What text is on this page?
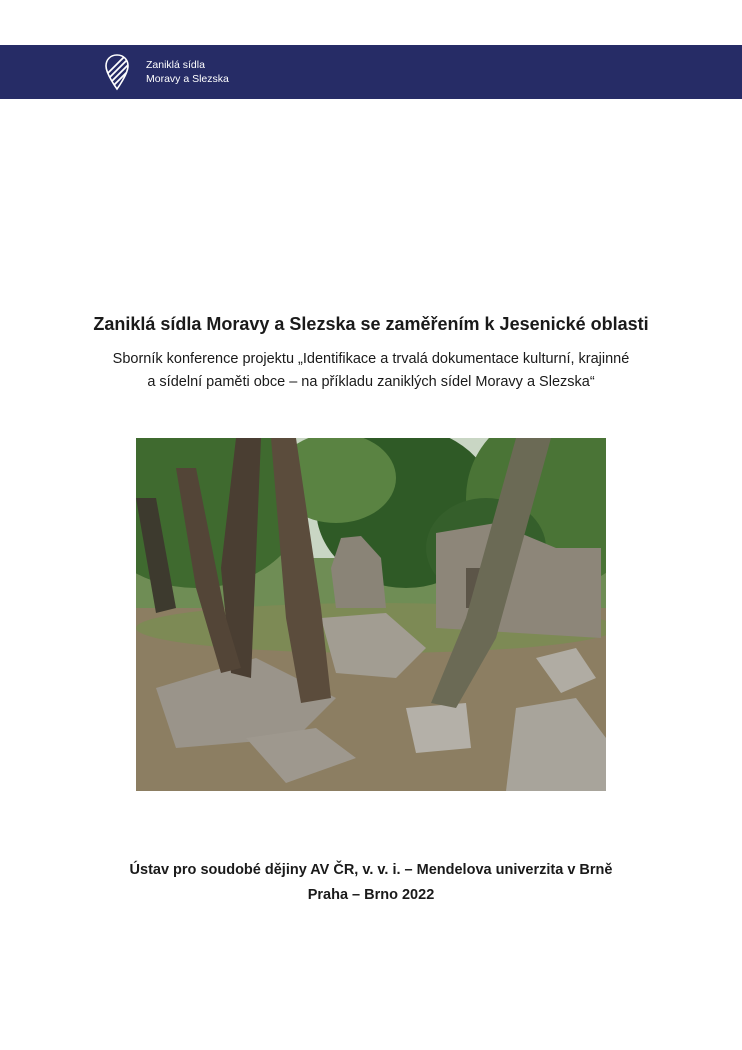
Zaniklá sídla
Moravy a Slezska
Zaniklá sídla Moravy a Slezska se zaměřením k Jesenické oblasti
Sborník konference projektu „Identifikace a trvalá dokumentace kulturní, krajinné
a sídelní paměti obce – na příkladu zaniklých sídel Moravy a Slezska“
Ústav pro soudobé dějiny AV ČR, v. v. i. – Mendelova univerzita v Brně
Praha – Brno 2022
